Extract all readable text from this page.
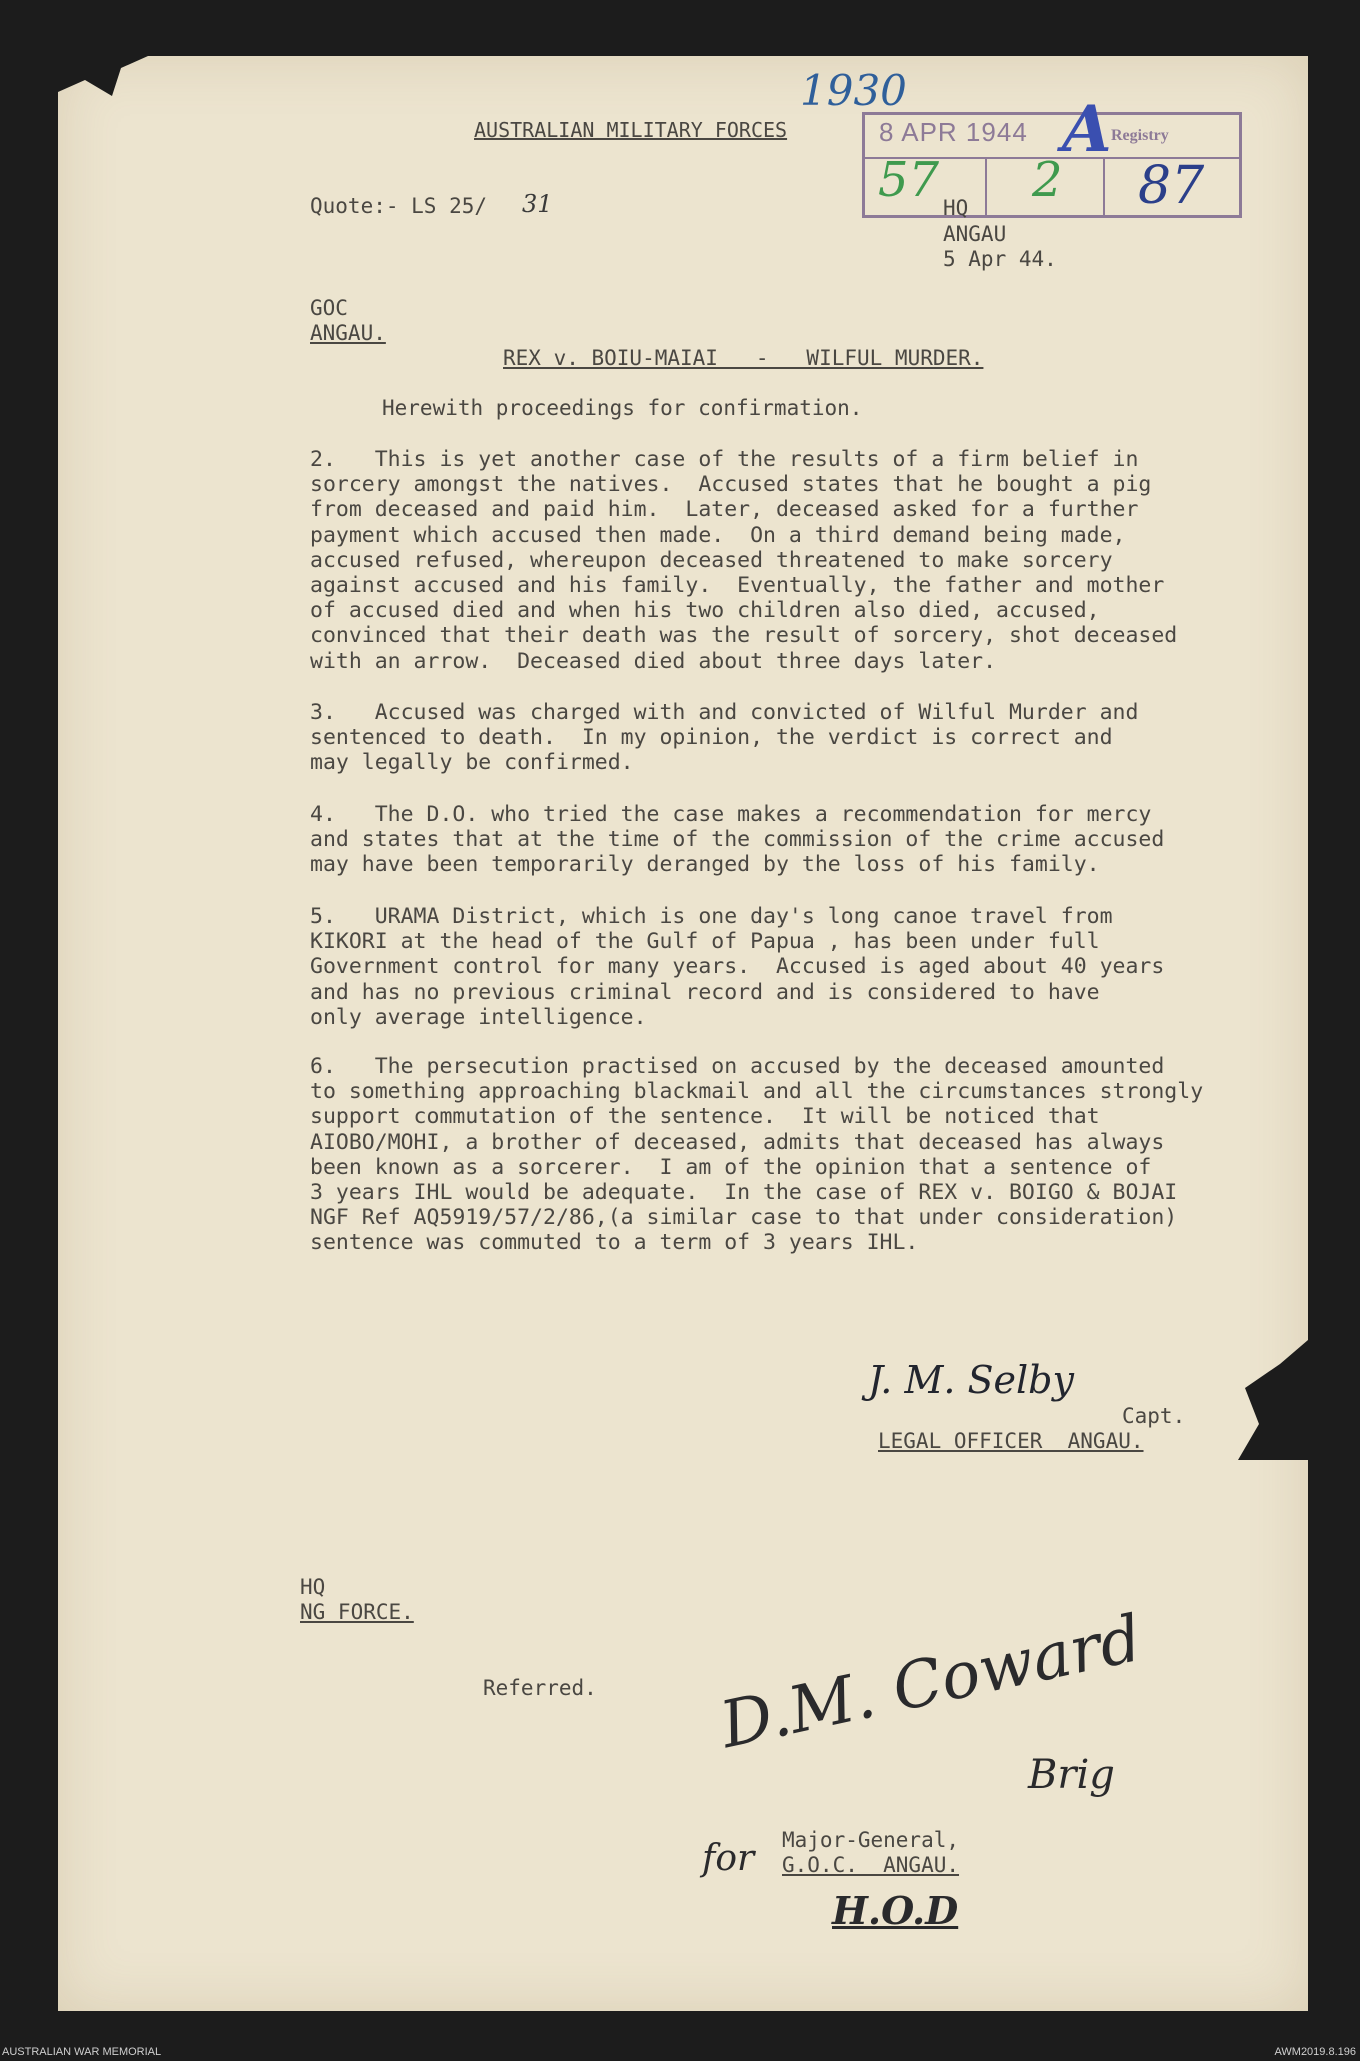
AUSTRALIAN MILITARY FORCES
Quote:- LS 25/ 31
1930
8 APR 1944	Registry
57 2 87
A
HQ
ANGAU
5 Apr 44.
GOC
ANGAU.
REX v. BOIU-MAIAI   -   WILFUL MURDER.
Herewith proceedings for confirmation.
2.   This is yet another case of the results of a firm belief in
sorcery amongst the natives.  Accused states that he bought a pig
from deceased and paid him.  Later, deceased asked for a further
payment which accused then made.  On a third demand being made,
accused refused, whereupon deceased threatened to make sorcery
against accused and his family.  Eventually, the father and mother
of accused died and when his two children also died, accused,
convinced that their death was the result of sorcery, shot deceased
with an arrow.  Deceased died about three days later.
3.   Accused was charged with and convicted of Wilful Murder and
sentenced to death.  In my opinion, the verdict is correct and
may legally be confirmed.
4.   The D.O. who tried the case makes a recommendation for mercy
and states that at the time of the commission of the crime accused
may have been temporarily deranged by the loss of his family.
5.   URAMA District, which is one day's long canoe travel from
KIKORI at the head of the Gulf of Papua , has been under full
Government control for many years.  Accused is aged about 40 years
and has no previous criminal record and is considered to have
only average intelligence.
6.   The persecution practised on accused by the deceased amounted
to something approaching blackmail and all the circumstances strongly
support commutation of the sentence.  It will be noticed that
AIOBO/MOHI, a brother of deceased, admits that deceased has always
been known as a sorcerer.  I am of the opinion that a sentence of
3 years IHL would be adequate.  In the case of REX v. BOIGO & BOJAI
NGF Ref AQ5919/57/2/86,(a similar case to that under consideration)
sentence was commuted to a term of 3 years IHL.
J. M. Selby
Capt.
LEGAL OFFICER  ANGAU.
HQ
NG FORCE.
Referred. D.M. Coward
Brig
for Major-General,
G.O.C.  ANGAU.
H.O.D
AUSTRALIAN WAR MEMORIAL	AWM2019.8.196
